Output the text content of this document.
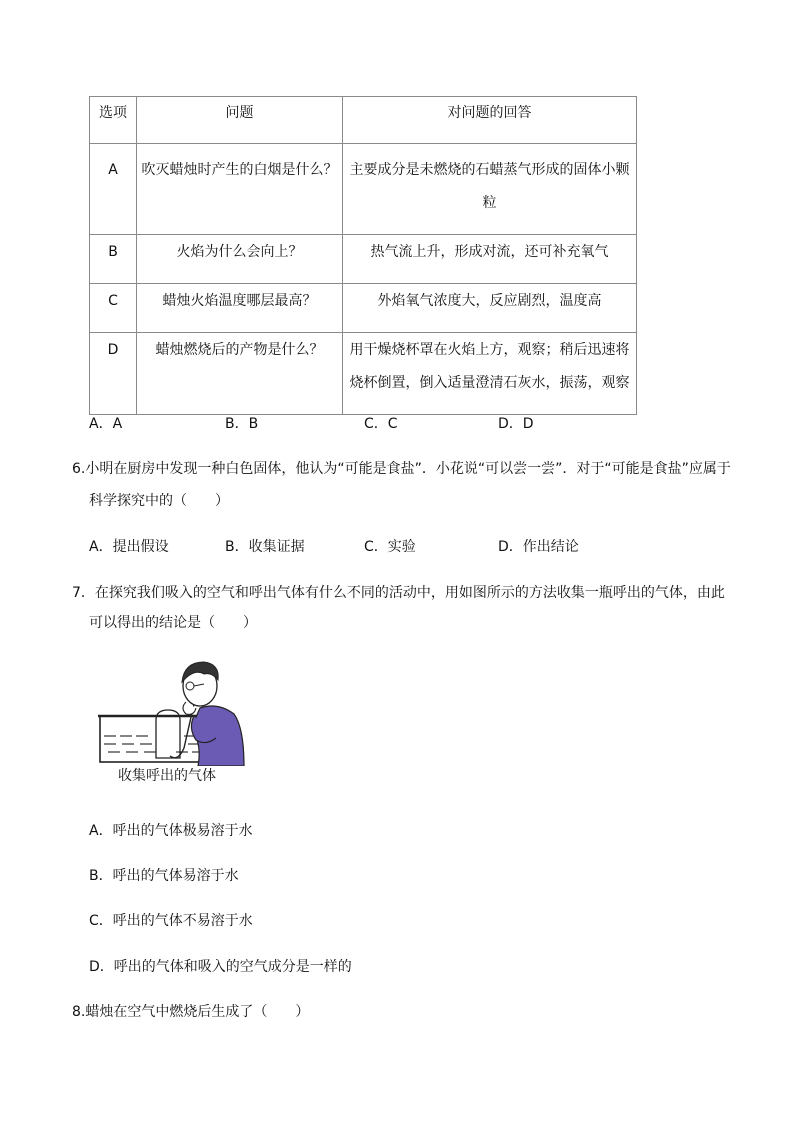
选项	问题	对问题的回答
A	吹灭蜡烛时产生的白烟是什么？	主要成分是未燃烧的石蜡蒸气形成的固体小颗粒
B	火焰为什么会向上？	热气流上升，形成对流，还可补充氧气
C	蜡烛火焰温度哪层最高？	外焰氧气浓度大，反应剧烈，温度高
D	蜡烛燃烧后的产物是什么？	用干燥烧杯罩在火焰上方，观察；稍后迅速将烧杯倒置，倒入适量澄清石灰水，振荡，观察
A．A	B．B	C．C	D．D
6.小明在厨房中发现一种白色固体，他认为“可能是食盐”．小花说“可以尝一尝”．对于“可能是食盐”应属于
科学探究中的（　　）
A．提出假设	B．收集证据	C．实验	D．作出结论
7．在探究我们吸入的空气和呼出气体有什么不同的活动中，用如图所示的方法收集一瓶呼出的气体，由此
可以得出的结论是（　　）
收集呼出的气体
A．呼出的气体极易溶于水
B．呼出的气体易溶于水
C．呼出的气体不易溶于水
D．呼出的气体和吸入的空气成分是一样的
8.蜡烛在空气中燃烧后生成了（　　）
